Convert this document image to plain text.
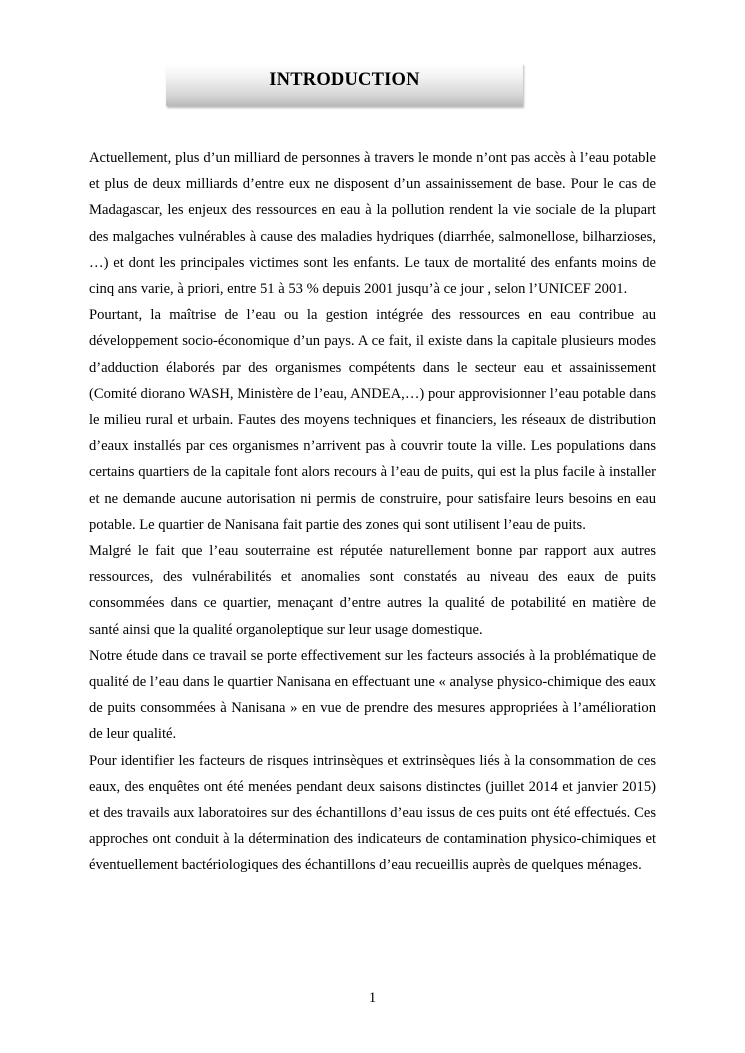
INTRODUCTION

Actuellement, plus d’un milliard de personnes à travers le monde n’ont pas accès à l’eau potable et plus de deux milliards d’entre eux ne disposent d’un assainissement de base. Pour le cas de Madagascar, les enjeux des ressources en eau à la pollution rendent la vie sociale de la plupart des malgaches vulnérables à cause des maladies hydriques (diarrhée, salmonellose, bilharzioses, …) et dont les principales victimes sont les enfants. Le taux de mortalité des enfants moins de cinq ans varie, à priori, entre 51 à 53 % depuis 2001 jusqu’à ce jour , selon l’UNICEF 2001.

Pourtant, la maîtrise de l’eau ou la gestion intégrée des ressources en eau contribue au développement socio-économique d’un pays. A ce fait, il existe dans la capitale plusieurs modes d’adduction élaborés par des organismes compétents dans le secteur eau et assainissement (Comité diorano WASH, Ministère de l’eau, ANDEA,…) pour approvisionner l’eau potable dans le milieu rural et urbain. Fautes des moyens techniques et financiers, les réseaux de distribution d’eaux installés par ces organismes n’arrivent pas à couvrir toute la ville. Les populations dans certains quartiers de la capitale font alors recours à l’eau de puits, qui est la plus facile à installer et ne demande aucune autorisation ni permis de construire, pour satisfaire leurs besoins en eau potable. Le quartier de Nanisana fait partie des zones qui sont utilisent l’eau de puits.

Malgré le fait que l’eau souterraine est réputée naturellement bonne par rapport aux autres ressources, des vulnérabilités et anomalies sont constatés au niveau des eaux de puits consommées dans ce quartier, menaçant d’entre autres la qualité de potabilité en matière de santé ainsi que la qualité organoleptique sur leur usage domestique.

Notre étude dans ce travail se porte effectivement sur les facteurs associés à la problématique de qualité de l’eau dans le quartier Nanisana en effectuant une « analyse physico-chimique des eaux de puits consommées à Nanisana » en vue de prendre des mesures appropriées à l’amélioration de leur qualité.

Pour identifier les facteurs de risques intrinsèques et extrinsèques liés à la consommation de ces eaux, des enquêtes ont été menées pendant deux saisons distinctes (juillet 2014 et janvier 2015) et des travails aux laboratoires sur des échantillons d’eau issus de ces puits ont été effectués. Ces approches ont conduit à la détermination des indicateurs de contamination physico-chimiques et éventuellement bactériologiques des échantillons d’eau recueillis auprès de quelques ménages.

1
